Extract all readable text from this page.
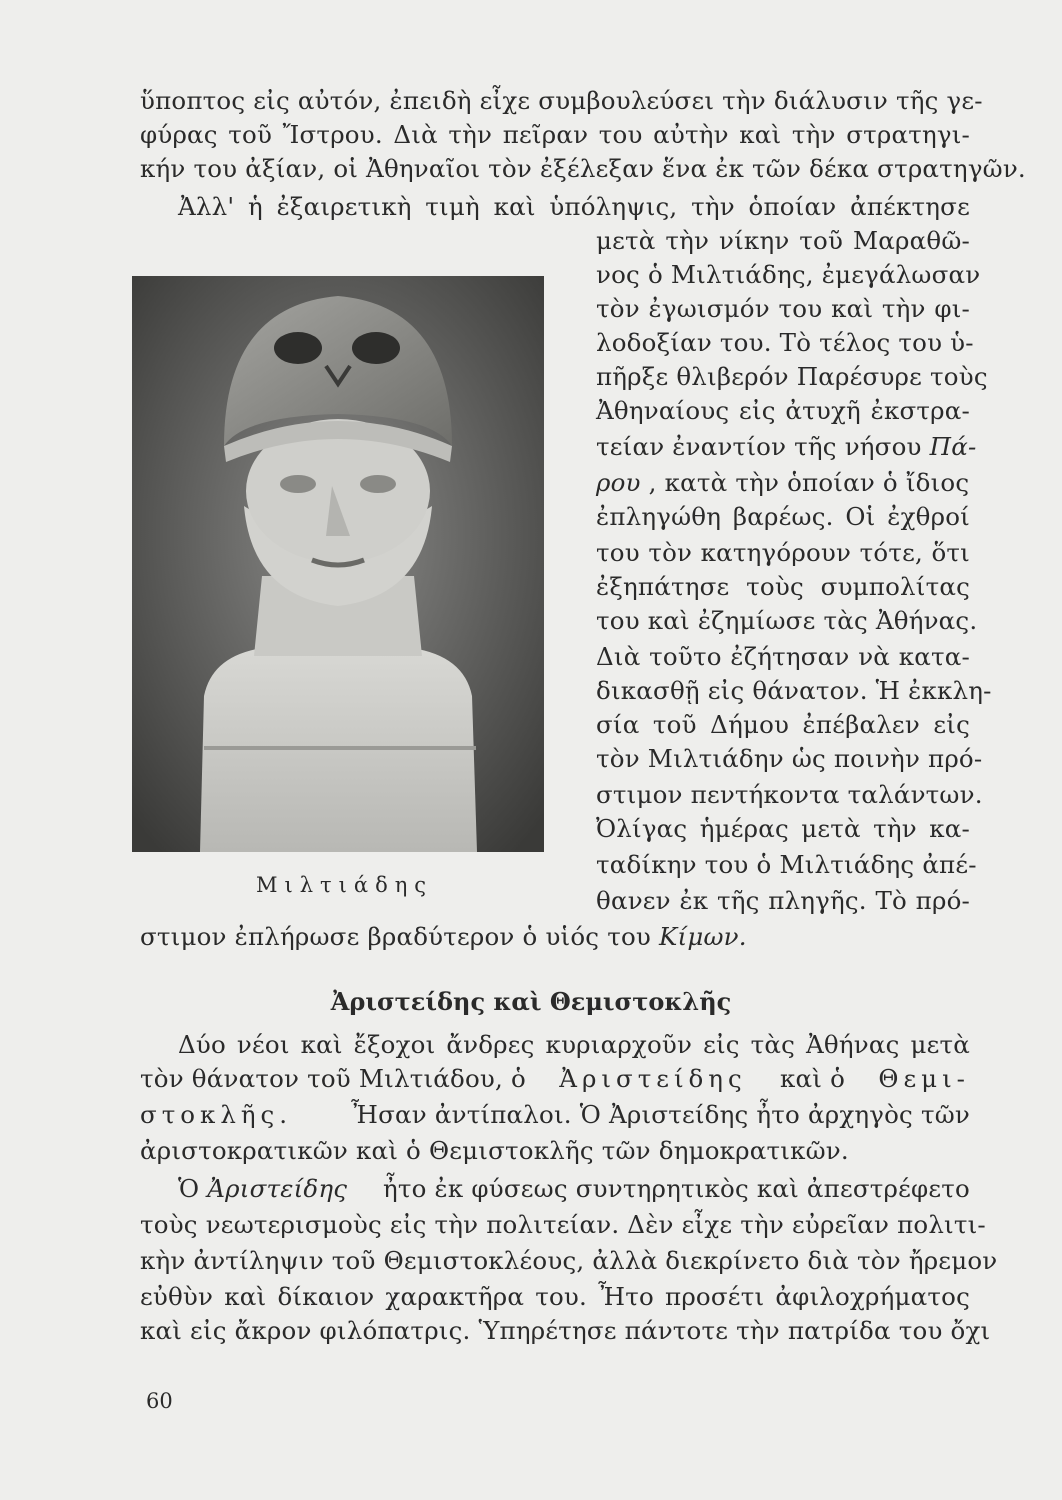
ὕποπτος εἰς αὐτόν, ἐπειδὴ εἶχε συμβουλεύσει τὴν διάλυσιν τῆς γε-
φύρας τοῦ Ἴστρου. Διὰ τὴν πεῖραν του αὐτὴν καὶ τὴν στρατηγι-
κήν του ἀξίαν, οἱ Ἀθηναῖοι τὸν ἐξέλεξαν ἕνα ἐκ τῶν δέκα στρατηγῶν.
Ἀλλ' ἡ ἐξαιρετικὴ τιμὴ καὶ ὑπόληψις, τὴν ὁποίαν ἀπέκτησε
μετὰ τὴν νίκην τοῦ Μαραθῶ-
νος ὁ Μιλτιάδης, ἐμεγάλωσαν
τὸν ἐγωισμόν του καὶ τὴν φι-
λοδοξίαν του. Τὸ τέλος του ὑ-
πῆρξε θλιβερόν Παρέσυρε τοὺς
Ἀθηναίους εἰς ἀτυχῆ ἐκστρα-
τείαν ἐναντίον τῆς νήσου Πά-
ρου , κατὰ τὴν ὁποίαν ὁ ἴδιος
ἐπληγώθη βαρέως. Οἱ ἐχθροί
του τὸν κατηγόρουν τότε, ὅτι
ἐξηπάτησε τοὺς συμπολίτας
του καὶ ἐζημίωσε τὰς Ἀθήνας.
Διὰ τοῦτο ἐζήτησαν νὰ κατα-
δικασθῇ εἰς θάνατον. Ἡ ἐκκλη-
σία τοῦ Δήμου ἐπέβαλεν εἰς
τὸν Μιλτιάδην ὡς ποινὴν πρό-
στιμον πεντήκοντα ταλάντων.
Ὀλίγας ἡμέρας μετὰ τὴν κα-
ταδίκην του ὁ Μιλτιάδης ἀπέ-
θανεν ἐκ τῆς πληγῆς. Τὸ πρό-
Μιλτιάδης
στιμον ἐπλήρωσε βραδύτερον ὁ υἱός του Κίμων.
Ἀριστείδης καὶ Θεμιστοκλῆς
Δύο νέοι καὶ ἔξοχοι ἄνδρες κυριαρχοῦν εἰς τὰς Ἀθήνας μετὰ
τὸν θάνατον τοῦ Μιλτιάδου, ὁ Ἀριστείδης καὶ ὁ Θεμι-
στοκλῆς. Ἦσαν ἀντίπαλοι. Ὁ Ἀριστείδης ἦτο ἀρχηγὸς τῶν
ἀριστοκρατικῶν καὶ ὁ Θεμιστοκλῆς τῶν δημοκρατικῶν.
Ὁ Ἀριστείδης ἦτο ἐκ φύσεως συντηρητικὸς καὶ ἀπεστρέφετο
τοὺς νεωτερισμοὺς εἰς τὴν πολιτείαν. Δὲν εἶχε τὴν εὐρεῖαν πολιτι-
κὴν ἀντίληψιν τοῦ Θεμιστοκλέους, ἀλλὰ διεκρίνετο διὰ τὸν ἤρεμον
εὐθὺν καὶ δίκαιον χαρακτῆρα του. Ἦτο προσέτι ἀφιλοχρήματος
καὶ εἰς ἄκρον φιλόπατρις. Ὑπηρέτησε πάντοτε τὴν πατρίδα του ὄχι
60
